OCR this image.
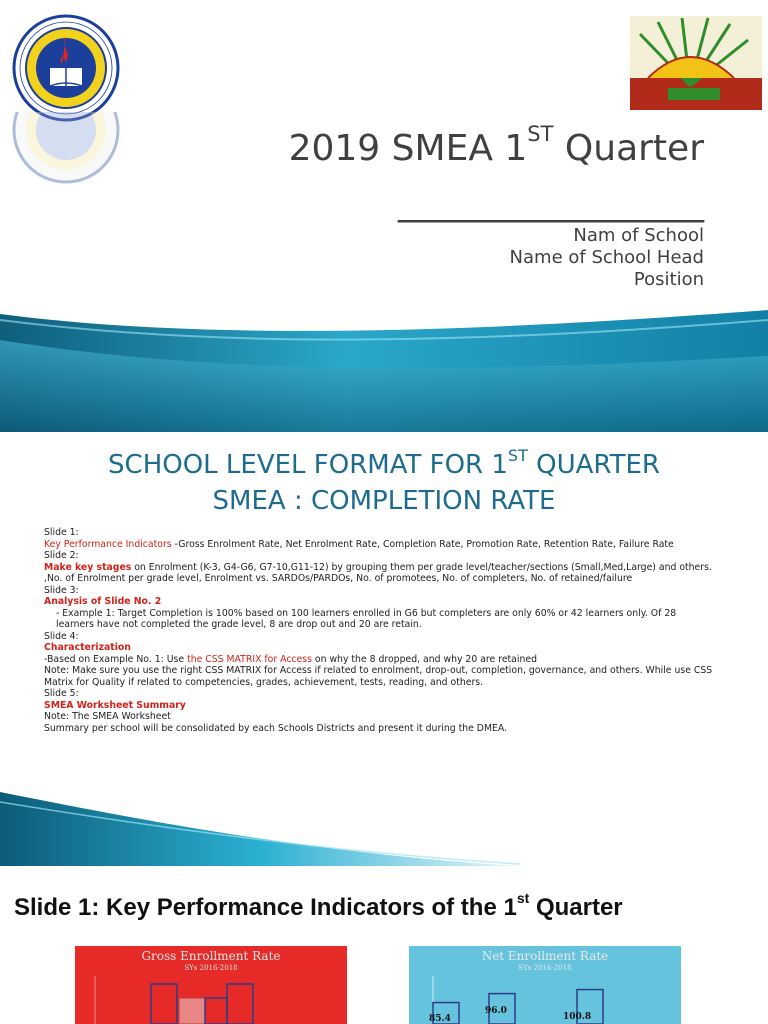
2019 SMEA 1ST Quarter
_________________
Nam of School
Name of School Head
Position
SCHOOL LEVEL FORMAT FOR 1ST QUARTER
SMEA : COMPLETION RATE
Slide 1:
Key Performance Indicators -Gross Enrolment Rate, Net Enrolment Rate, Completion Rate, Promotion Rate, Retention Rate, Failure Rate
Slide 2:
Make key stages on Enrolment (K-3, G4-G6, G7-10,G11-12) by grouping them per grade level/teacher/sections (Small,Med,Large) and others. ,No. of Enrolment per grade level, Enrolment vs. SARDOs/PARDOs, No. of promotees, No. of completers, No. of retained/failure
Slide 3:
Analysis of Slide No. 2
- Example 1: Target Completion is 100% based on 100 learners enrolled in G6 but completers are only 60% or 42 learners only. Of 28 learners have not completed the grade level, 8 are drop out and 20 are retain.
Slide 4:
Characterization
-Based on Example No. 1: Use the CSS MATRIX for Access on why the 8 dropped, and why 20 are retained
Note: Make sure you use the right CSS MATRIX for Access if related to enrolment, drop-out, completion, governance, and others. While use CSS Matrix for Quality if related to competencies, grades, achievement, tests, reading, and others.
Slide 5:
SMEA Worksheet Summary
Note: The SMEA Worksheet
Summary per school will be consolidated by each Schools Districts and present it during the DMEA.
Slide 1: Key Performance Indicators of the 1st Quarter
Gross Enrollment Rate
SYs 2016-2018
Net Enrollment Rate
SYs 2016-2018
85.4
96.0
100.8
